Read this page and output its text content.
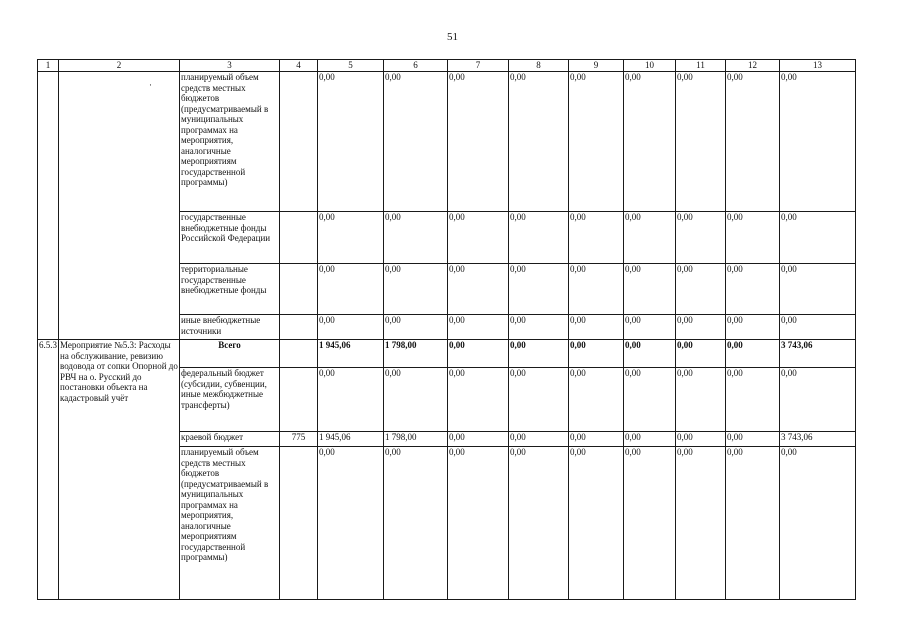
51
1	2	3	4	5	6	7	8	9	10	11	12	13

	·	планируемый объем средств местных бюджетов (предусматриваемый в муниципальных программах на мероприятия, аналогичные мероприятиям государственной программы)		0,00	0,00	0,00	0,00	0,00	0,00	0,00	0,00	0,00
		государственные внебюджетные фонды Российской Федерации		0,00	0,00	0,00	0,00	0,00	0,00	0,00	0,00	0,00
		территориальные государственные внебюджетные фонды		0,00	0,00	0,00	0,00	0,00	0,00	0,00	0,00	0,00
		иные внебюджетные источники		0,00	0,00	0,00	0,00	0,00	0,00	0,00	0,00	0,00
6.5.3	Мероприятие №5.3: Расходы на обслуживание, ревизию водовода от сопки Опорной до РВЧ на о. Русский до постановки объекта на кадастровый учёт	Всего		1 945,06	1 798,00	0,00	0,00	0,00	0,00	0,00	0,00	3 743,06
		федеральный бюджет (субсидии, субвенции, иные межбюджетные трансферты)		0,00	0,00	0,00	0,00	0,00	0,00	0,00	0,00	0,00
		краевой бюджет	775	1 945,06	1 798,00	0,00	0,00	0,00	0,00	0,00	0,00	3 743,06
		планируемый объем средств местных бюджетов (предусматриваемый в муниципальных программах на мероприятия, аналогичные мероприятиям государственной программы)		0,00	0,00	0,00	0,00	0,00	0,00	0,00	0,00	0,00
